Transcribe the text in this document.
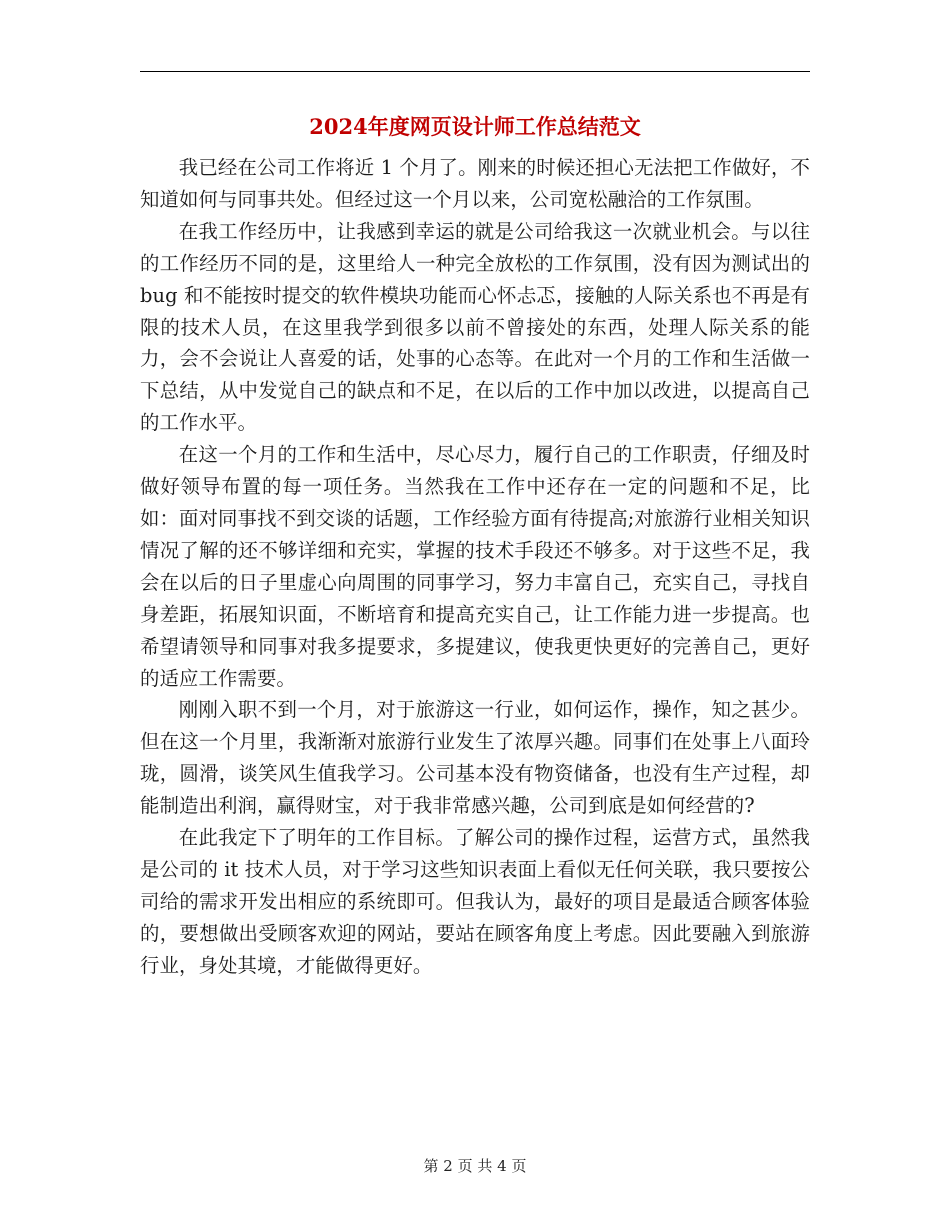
2024年度网页设计师工作总结范文

我已经在公司工作将近 1 个月了。刚来的时候还担心无法把工作做好，不知道如何与同事共处。但经过这一个月以来，公司宽松融洽的工作氛围。

在我工作经历中，让我感到幸运的就是公司给我这一次就业机会。与以往的工作经历不同的是，这里给人一种完全放松的工作氛围，没有因为测试出的 bug 和不能按时提交的软件模块功能而心怀忐忑，接触的人际关系也不再是有限的技术人员，在这里我学到很多以前不曾接处的东西，处理人际关系的能力，会不会说让人喜爱的话，处事的心态等。在此对一个月的工作和生活做一下总结，从中发觉自己的缺点和不足，在以后的工作中加以改进，以提高自己的工作水平。

在这一个月的工作和生活中，尽心尽力，履行自己的工作职责，仔细及时做好领导布置的每一项任务。当然我在工作中还存在一定的问题和不足，比如：面对同事找不到交谈的话题，工作经验方面有待提高;对旅游行业相关知识情况了解的还不够详细和充实，掌握的技术手段还不够多。对于这些不足，我会在以后的日子里虚心向周围的同事学习，努力丰富自己，充实自己，寻找自身差距，拓展知识面，不断培育和提高充实自己，让工作能力进一步提高。也希望请领导和同事对我多提要求，多提建议，使我更快更好的完善自己，更好的适应工作需要。

刚刚入职不到一个月，对于旅游这一行业，如何运作，操作，知之甚少。但在这一个月里，我渐渐对旅游行业发生了浓厚兴趣。同事们在处事上八面玲珑，圆滑，谈笑风生值我学习。公司基本没有物资储备，也没有生产过程，却能制造出利润，赢得财宝，对于我非常感兴趣，公司到底是如何经营的?

在此我定下了明年的工作目标。了解公司的操作过程，运营方式，虽然我是公司的 it 技术人员，对于学习这些知识表面上看似无任何关联，我只要按公司给的需求开发出相应的系统即可。但我认为，最好的项目是最适合顾客体验的，要想做出受顾客欢迎的网站，要站在顾客角度上考虑。因此要融入到旅游行业，身处其境，才能做得更好。

第 2 页 共 4 页
